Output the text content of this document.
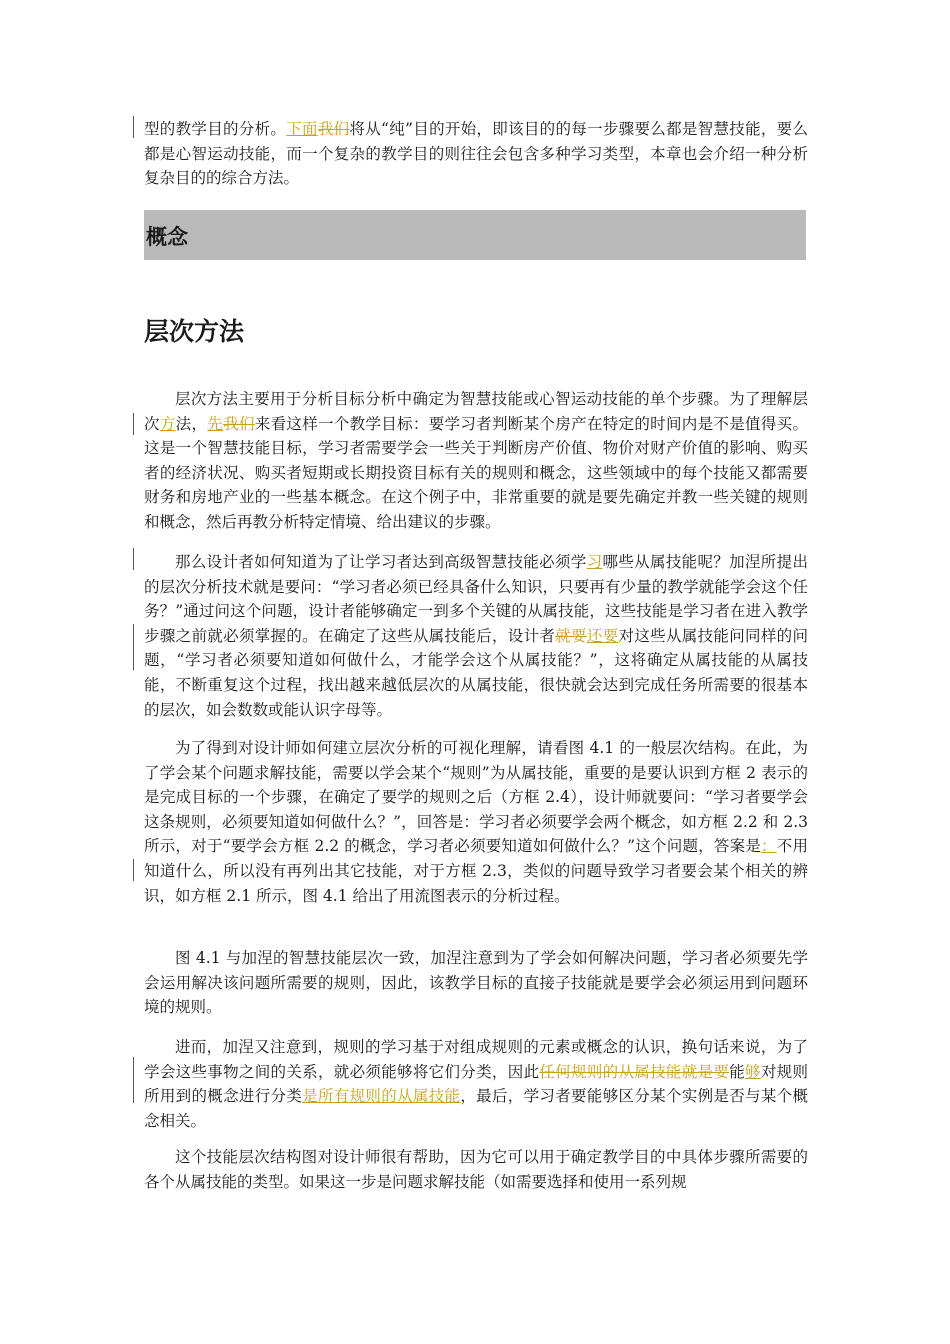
型的教学目的分析。下面我们将从“纯”目的开始，即该目的的每一步骤要么都是智慧技能，要么都是心智运动技能，而一个复杂的教学目的则往往会包含多种学习类型，本章也会介绍一种分析复杂目的的综合方法。

概念
层次方法

层次方法主要用于分析目标分析中确定为智慧技能或心智运动技能的单个步骤。为了理解层次方法，先我们来看这样一个教学目标：要学习者判断某个房产在特定的时间内是不是值得买。这是一个智慧技能目标，学习者需要学会一些关于判断房产价值、物价对财产价值的影响、购买者的经济状况、购买者短期或长期投资目标有关的规则和概念，这些领域中的每个技能又都需要财务和房地产业的一些基本概念。在这个例子中，非常重要的就是要先确定并教一些关键的规则和概念，然后再教分析特定情境、给出建议的步骤。

那么设计者如何知道为了让学习者达到高级智慧技能必须学习哪些从属技能呢？加涅所提出的层次分析技术就是要问：“学习者必须已经具备什么知识，只要再有少量的教学就能学会这个任务？”通过问这个问题，设计者能够确定一到多个关键的从属技能，这些技能是学习者在进入教学步骤之前就必须掌握的。在确定了这些从属技能后，设计者就要还要对这些从属技能问同样的问题，“学习者必须要知道如何做什么，才能学会这个从属技能？”，这将确定从属技能的从属技能，不断重复这个过程，找出越来越低层次的从属技能，很快就会达到完成任务所需要的很基本的层次，如会数数或能认识字母等。

为了得到对设计师如何建立层次分析的可视化理解，请看图 4.1 的一般层次结构。在此，为了学会某个问题求解技能，需要以学会某个“规则”为从属技能，重要的是要认识到方框 2 表示的是完成目标的一个步骤，在确定了要学的规则之后（方框 2.4），设计师就要问：“学习者要学会这条规则，必须要知道如何做什么？”，回答是：学习者必须要学会两个概念，如方框 2.2 和 2.3 所示，对于“要学会方框 2.2 的概念，学习者必须要知道如何做什么？”这个问题，答案是：不用知道什么，所以没有再列出其它技能，对于方框 2.3，类似的问题导致学习者要会某个相关的辨识，如方框 2.1 所示，图 4.1 给出了用流图表示的分析过程。

图 4.1 与加涅的智慧技能层次一致，加涅注意到为了学会如何解决问题，学习者必须要先学会运用解决该问题所需要的规则，因此，该教学目标的直接子技能就是要学会必须运用到问题环境的规则。

进而，加涅又注意到，规则的学习基于对组成规则的元素或概念的认识，换句话来说，为了学会这些事物之间的关系，就必须能够将它们分类，因此任何规则的从属技能就是要能够对规则所用到的概念进行分类是所有规则的从属技能，最后，学习者要能够区分某个实例是否与某个概念相关。

这个技能层次结构图对设计师很有帮助，因为它可以用于确定教学目的中具体步骤所需要的各个从属技能的类型。如果这一步是问题求解技能（如需要选择和使用一系列规
